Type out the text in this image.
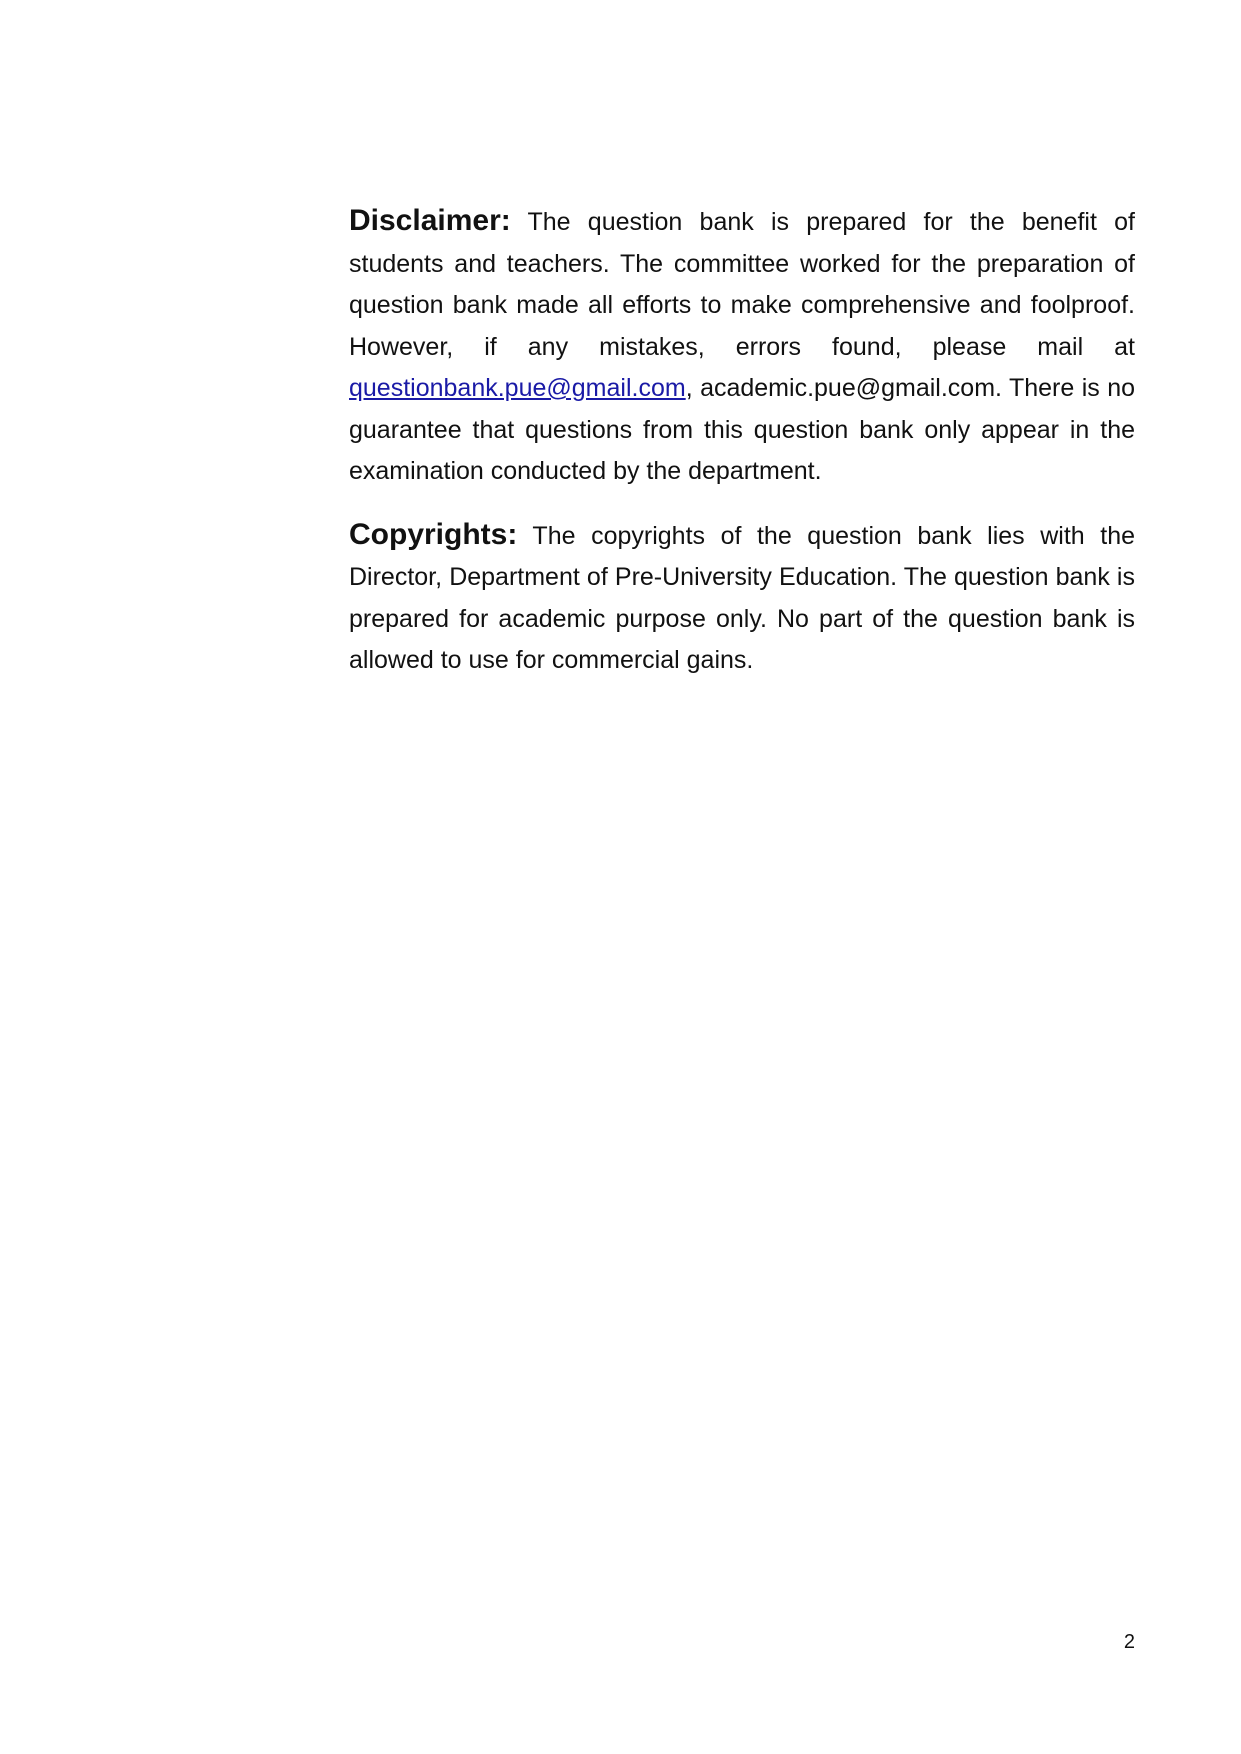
Disclaimer: The question bank is prepared for the benefit of students and teachers. The committee worked for the preparation of question bank made all efforts to make comprehensive and foolproof. However, if any mistakes, errors found, please mail at questionbank.pue@gmail.com, academic.pue@gmail.com. There is no guarantee that questions from this question bank only appear in the examination conducted by the department.

Copyrights: The copyrights of the question bank lies with the Director, Department of Pre-University Education. The question bank is prepared for academic purpose only. No part of the question bank is allowed to use for commercial gains.

2
